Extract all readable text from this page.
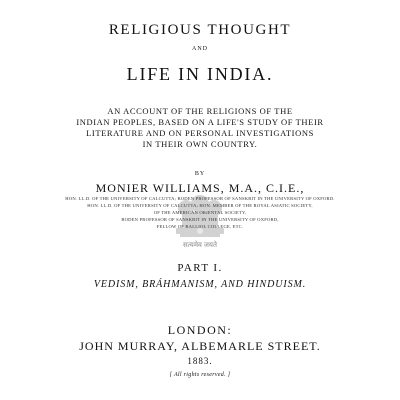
RELIGIOUS THOUGHT
AND
LIFE IN INDIA.
AN ACCOUNT OF THE RELIGIONS OF THE
INDIAN PEOPLES, BASED ON A LIFE'S STUDY OF THEIR
LITERATURE AND ON PERSONAL INVESTIGATIONS
IN THEIR OWN COUNTRY.
BY
MONIER WILLIAMS, M.A., C.I.E.,
HON. LL.D. OF THE UNIVERSITY OF CALCUTTA; BODEN PROFESSOR OF SANSKRIT IN THE UNIVERSITY OF OXFORD.
HON. LL.D. OF THE UNIVERSITY OF CALCUTTA; HON. MEMBER OF THE ROYAL ASIATIC SOCIETY,
OF THE AMERICAN ORIENTAL SOCIETY,
BODEN PROFESSOR OF SANSKRIT IN THE UNIVERSITY OF OXFORD,
FELLOW OF BALLIOL COLLEGE, ETC.
सत्यमेव जयते
PART I.
VEDISM, BRÁHMANISM, AND HINDUISM.
LONDON:
JOHN MURRAY, ALBEMARLE STREET.
1883.
[ All rights reserved. ]
